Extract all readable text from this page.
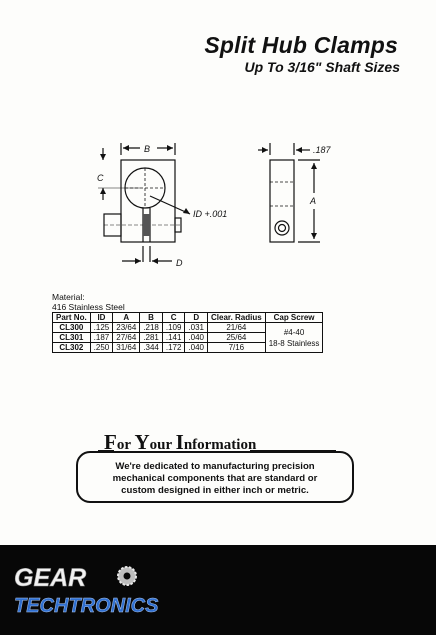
Split Hub Clamps
Up To 3/16" Shaft Sizes
B
C
ID +.001
D
.187
A
Material:
416 Stainless Steel
Part No.	ID	A	B	C	D	Clear. Radius	Cap Screw
CL300	.125	23/64	.218	.109	.031	21/64	#4-40
18-8 Stainless

CL301	.187	27/64	.281	.141	.040	25/64	
CL302	.250	31/64	.344	.172	.040	7/16	
For Your Information
We're dedicated to manufacturing precision
mechanical components that are standard or
custom designed in either inch or metric.
GEAR
TECHTRONICS
